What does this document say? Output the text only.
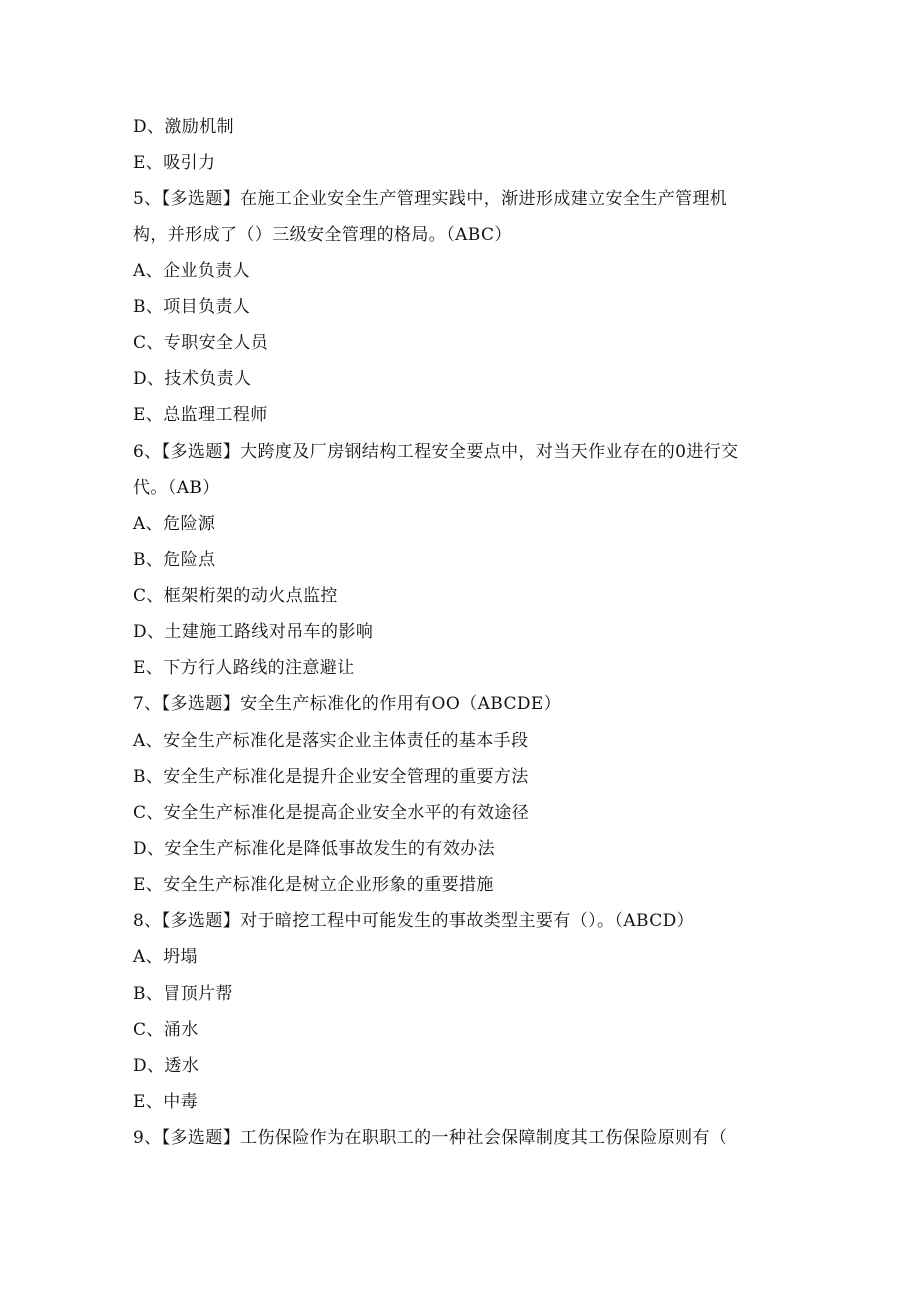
D、激励机制
E、吸引力
5、【多选题】在施工企业安全生产管理实践中，渐进形成建立安全生产管理机
构，并形成了（）三级安全管理的格局。（ABC）
A、企业负责人
B、项目负责人
C、专职安全人员
D、技术负责人
E、总监理工程师
6、【多选题】大跨度及厂房钢结构工程安全要点中，对当天作业存在的0进行交
代。（AB）
A、危险源
B、危险点
C、框架桁架的动火点监控
D、土建施工路线对吊车的影响
E、下方行人路线的注意避让
7、【多选题】安全生产标准化的作用有OO（ABCDE）
A、安全生产标准化是落实企业主体责任的基本手段
B、安全生产标准化是提升企业安全管理的重要方法
C、安全生产标准化是提高企业安全水平的有效途径
D、安全生产标准化是降低事故发生的有效办法
E、安全生产标准化是树立企业形象的重要措施
8、【多选题】对于暗挖工程中可能发生的事故类型主要有（）。（ABCD）
A、坍塌
B、冒顶片帮
C、涌水
D、透水
E、中毒
9、【多选题】工伤保险作为在职职工的一种社会保障制度其工伤保险原则有（
